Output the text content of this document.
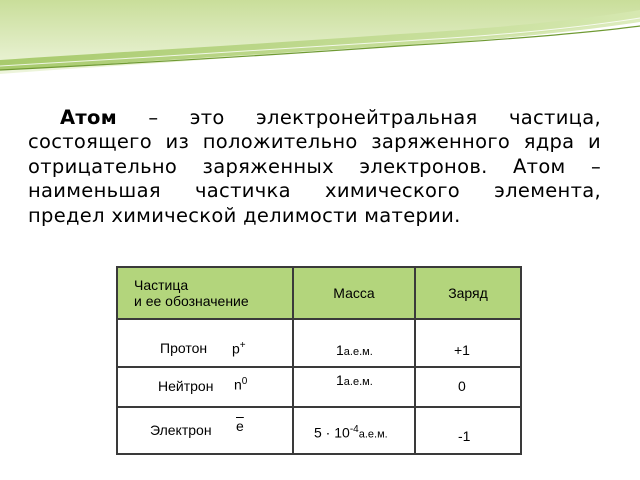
Атом – это электронейтральная частица, состоящего из положительно заряженного ядра и отрицательно заряженных электронов. Атом – наименьшая частичка химического элемента, предел химической делимости материи.

Частица
и ее обозначение	Масса	Заряд

Протон p+	1а.е.м.	+1

Нейтрон $n^0$	1а.е.м.	0

Электрон $\overline{e}$	$5 \cdot 10^{-4}а.е.м$.	-1
